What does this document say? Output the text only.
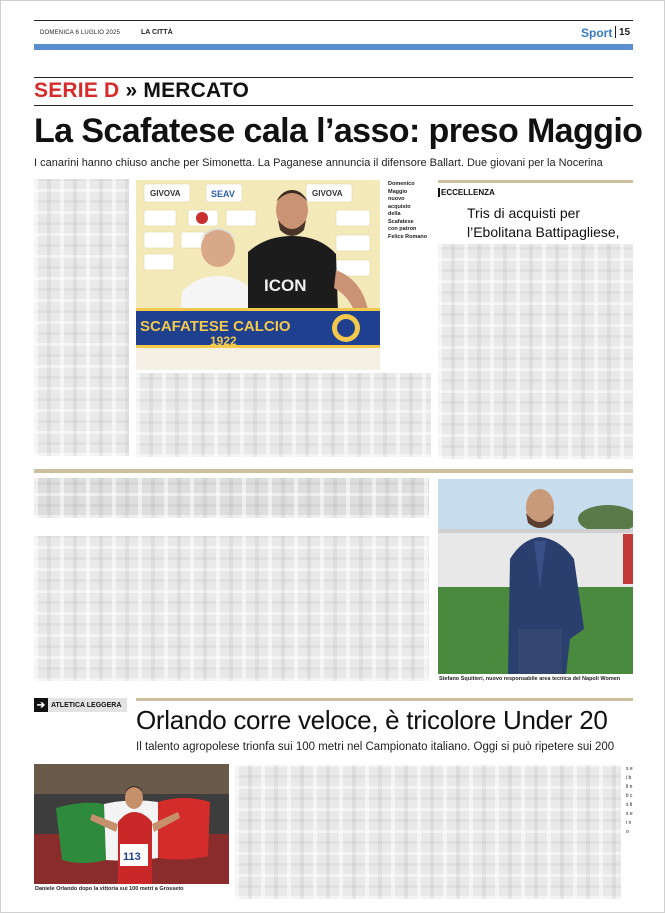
DOMENICA 6 LUGLIO 2025	LA CITTÀ	Sport 15
SERIE D » MERCATO
La Scafatese cala l’asso: preso Maggio
I canarini hanno chiuso anche per Simonetta. La Paganese annuncia il difensore Ballart. Due giovani per la Nocerina
GIVOVA	SEAV	GIVOVA
ICON
SCAFATESE CALCIO
1922
Domenico
Maggio
nuovo
acquisto
della
Scafatese
con patron
Felice Romano
ECCELLENZA
Tris di acquisti per l’Ebolitana Battipagliese,
Stefano Squitieri, nuovo responsabile area tecnica del Napoli Women
➔ ATLETICA LEGGERA Orlando corre veloce, è tricolore Under 20
Il talento agropolese trionfa sui 100 metri nel Campionato italiano. Oggi si può ripetere sui 200
113
Daniele Orlando dopo la vittoria sui 100 metri a Grosseto
s e i b li n ti c s ti s e i n o
